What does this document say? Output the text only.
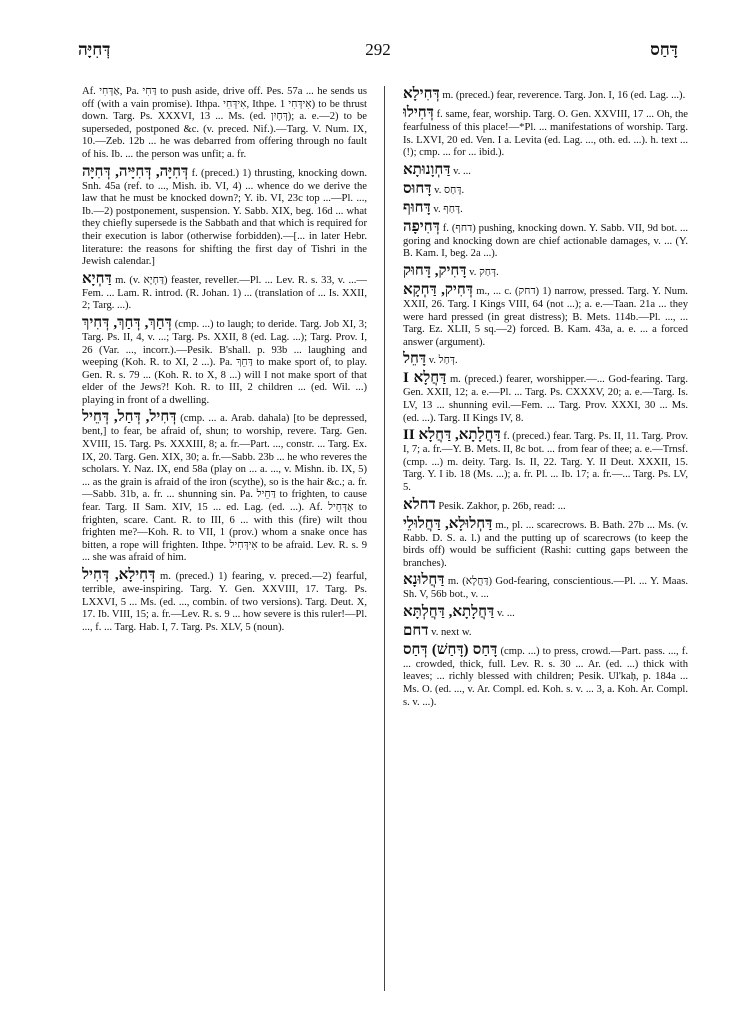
דְּחִיָּה	292	דָּחַס

Af. אַדְּחִי, Pa. דַּחִי to push aside, drive off. Pes. 57a ... he sends us off (with a vain promise). Ithpa. אִידְּחִי, Ithpe. אִידְּחִי 1) to be thrust down. Targ. Ps. XXXVI, 13 ... Ms. (ed. דְּחָיִן); a. e.—2) to be superseded, postponed &c. (v. preced. Nif.).—Targ. V. Num. IX, 10.—Zeb. 12b ... he was debarred from offering through no fault of his. Ib. ... the person was unfit; a. fr.

דְּחִיָּה, דְּחִיָּיה, דְּחִיָּה f. (preced.) 1) thrusting, knocking down. Snh. 45a (ref. to ..., Mish. ib. VI, 4) ... whence do we derive the law that he must be knocked down?; Y. ib. VI, 23c top ...—Pl. ..., Ib.—2) postponement, suspension. Y. Sabb. XIX, beg. 16d ... what they chiefly supersede is the Sabbath and that which is required for their execution is labor (otherwise forbidden).—[... in later Hebr. literature: the reasons for shifting the first day of Tishri in the Jewish calendar.]

דַּחְיָא m. (v. דַּחְיָא) feaster, reveller.—Pl. ... Lev. R. s. 33, v. ...—Fem. ... Lam. R. introd. (R. Johan. 1) ... (translation of ... Is. XXII, 2; Targ. ...).

דְּחַךְ, דְּחַךְ, דְּחִיךְ (cmp. ...) to laugh; to deride. Targ. Job XI, 3; Targ. Ps. II, 4, v. ...; Targ. Ps. XXII, 8 (ed. Lag. ...); Targ. Prov. I, 26 (Var. ..., incorr.).—Pesik. B'shall. p. 93b ... laughing and weeping (Koh. R. to XI, 2 ...). Pa. דַּחֵךְ to make sport of, to play. Gen. R. s. 79 ... (Koh. R. to X, 8 ...) will I not make sport of that elder of the Jews?! Koh. R. to III, 2 children ... (ed. Wil. ...) playing in front of a dwelling.

דְּחִיל, דְּחַל, דְּחֵיל (cmp. ... a. Arab. dahala) [to be depressed, bent,] to fear, be afraid of, shun; to worship, revere. Targ. Gen. XVIII, 15. Targ. Ps. XXXIII, 8; a. fr.—Part. ..., constr. ... Targ. Ex. IX, 20. Targ. Gen. XIX, 30; a. fr.—Sabb. 23b ... he who reveres the scholars. Y. Naz. IX, end 58a (play on ... a. ..., v. Mishn. ib. IX, 5) ... as the grain is afraid of the iron (scythe), so is the hair &c.; a. fr.—Sabb. 31b, a. fr. ... shunning sin. Pa. דַּחֵיל to frighten, to cause fear. Targ. II Sam. XIV, 15 ... ed. Lag. (ed. ...). Af. אַדְּחֵיל to frighten, scare. Cant. R. to III, 6 ... with this (fire) wilt thou frighten me?—Koh. R. to VII, 1 (prov.) whom a snake once has bitten, a rope will frighten. Ithpe. אִידְּחִיל to be afraid. Lev. R. s. 9 ... she was afraid of him.

דְּחִילָא, דְּחִיל m. (preced.) 1) fearing, v. preced.—2) fearful, terrible, awe-inspiring. Targ. Y. Gen. XXVIII, 17. Targ. Ps. LXXVI, 5 ... Ms. (ed. ..., combin. of two versions). Targ. Deut. X, 17. Ib. VIII, 15; a. fr.—Lev. R. s. 9 ... how severe is this ruler!—Pl. ..., f. ... Targ. Hab. I, 7. Targ. Ps. XLV, 5 (noun).

דְּחִילָא m. (preced.) fear, reverence. Targ. Jon. I, 16 (ed. Lag. ...).

דְּחִילוּ f. same, fear, worship. Targ. O. Gen. XXVIII, 17 ... Oh, the fearfulness of this place!—*Pl. ... manifestations of worship. Targ. Is. LXVI, 20 ed. Ven. I a. Levita (ed. Lag. ..., oth. ed. ...). h. text ... (!); cmp. ... for ... ibid.).

דַּחְוָנוּתָא v. ...

דָּחוּס v. דָּחַס.

דָּחוּף v. דָּחַף.

דְּחִיפָה f. (דחף) pushing, knocking down. Y. Sabb. VII, 9d bot. ... goring and knocking down are chief actionable damages, v. ... (Y. B. Kam. I, beg. 2a ...).

דָּחִיק, דָּחוּק v. דְּחַק.

דְּחִיק, דַּחְקָא m., ... c. (דחק) 1) narrow, pressed. Targ. Y. Num. XXII, 26. Targ. I Kings VIII, 64 (not ...); a. e.—Taan. 21a ... they were hard pressed (in great distress); B. Mets. 114b.—Pl. ..., ... Targ. Ez. XLII, 5 sq.—2) forced. B. Kam. 43a, a. e. ... a forced answer (argument).

דָּחֵל v. דְּחַל.

דַּחֲלָא I m. (preced.) fearer, worshipper.—... God-fearing. Targ. Gen. XXII, 12; a. e.—Pl. ... Targ. Ps. CXXXV, 20; a. e.—Targ. Is. LV, 13 ... shunning evil.—Fem. ... Targ. Prov. XXXI, 30 ... Ms. (ed. ...). Targ. II Kings IV, 8.

דַּחֲלָתָא, דַּחֲלָא II f. (preced.) fear. Targ. Ps. II, 11. Targ. Prov. I, 7; a. fr.—Y. B. Mets. II, 8c bot. ... from fear of thee; a. e.—Trnsf. (cmp. ...) m. deity. Targ. Is. II, 22. Targ. Y. II Deut. XXXII, 15. Targ. Y. I ib. 18 (Ms. ...); a. fr. Pl. ... Ib. 17; a. fr.—... Targ. Ps. LV, 5.

דחלא Pesik. Zakhor, p. 26b, read: ...

דַּחְלוּלָא, דַּחֲלוּלֵי m., pl. ... scarecrows. B. Bath. 27b ... Ms. (v. Rabb. D. S. a. l.) and the putting up of scarecrows (to keep the birds off) would be sufficient (Rashi: cutting gaps between the branches).

דַּחֲלוּנָא m. (דַּחֲלָא) God-fearing, conscientious.—Pl. ... Y. Maas. Sh. V, 56b bot., v. ...

דַּחֲלָתָא, דַּחֲלְתָּא v. ...

דחם v. next w.

דָּחַס (דָּחַשׁ) דְּחַס (cmp. ...) to press, crowd.—Part. pass. ..., f. ... crowded, thick, full. Lev. R. s. 30 ... Ar. (ed. ...) thick with leaves; ... richly blessed with children; Pesik. Ul'kaḥ, p. 184a ... Ms. O. (ed. ..., v. Ar. Compl. ed. Koh. s. v. ... 3, a. Koh. Ar. Compl. s. v. ...).
